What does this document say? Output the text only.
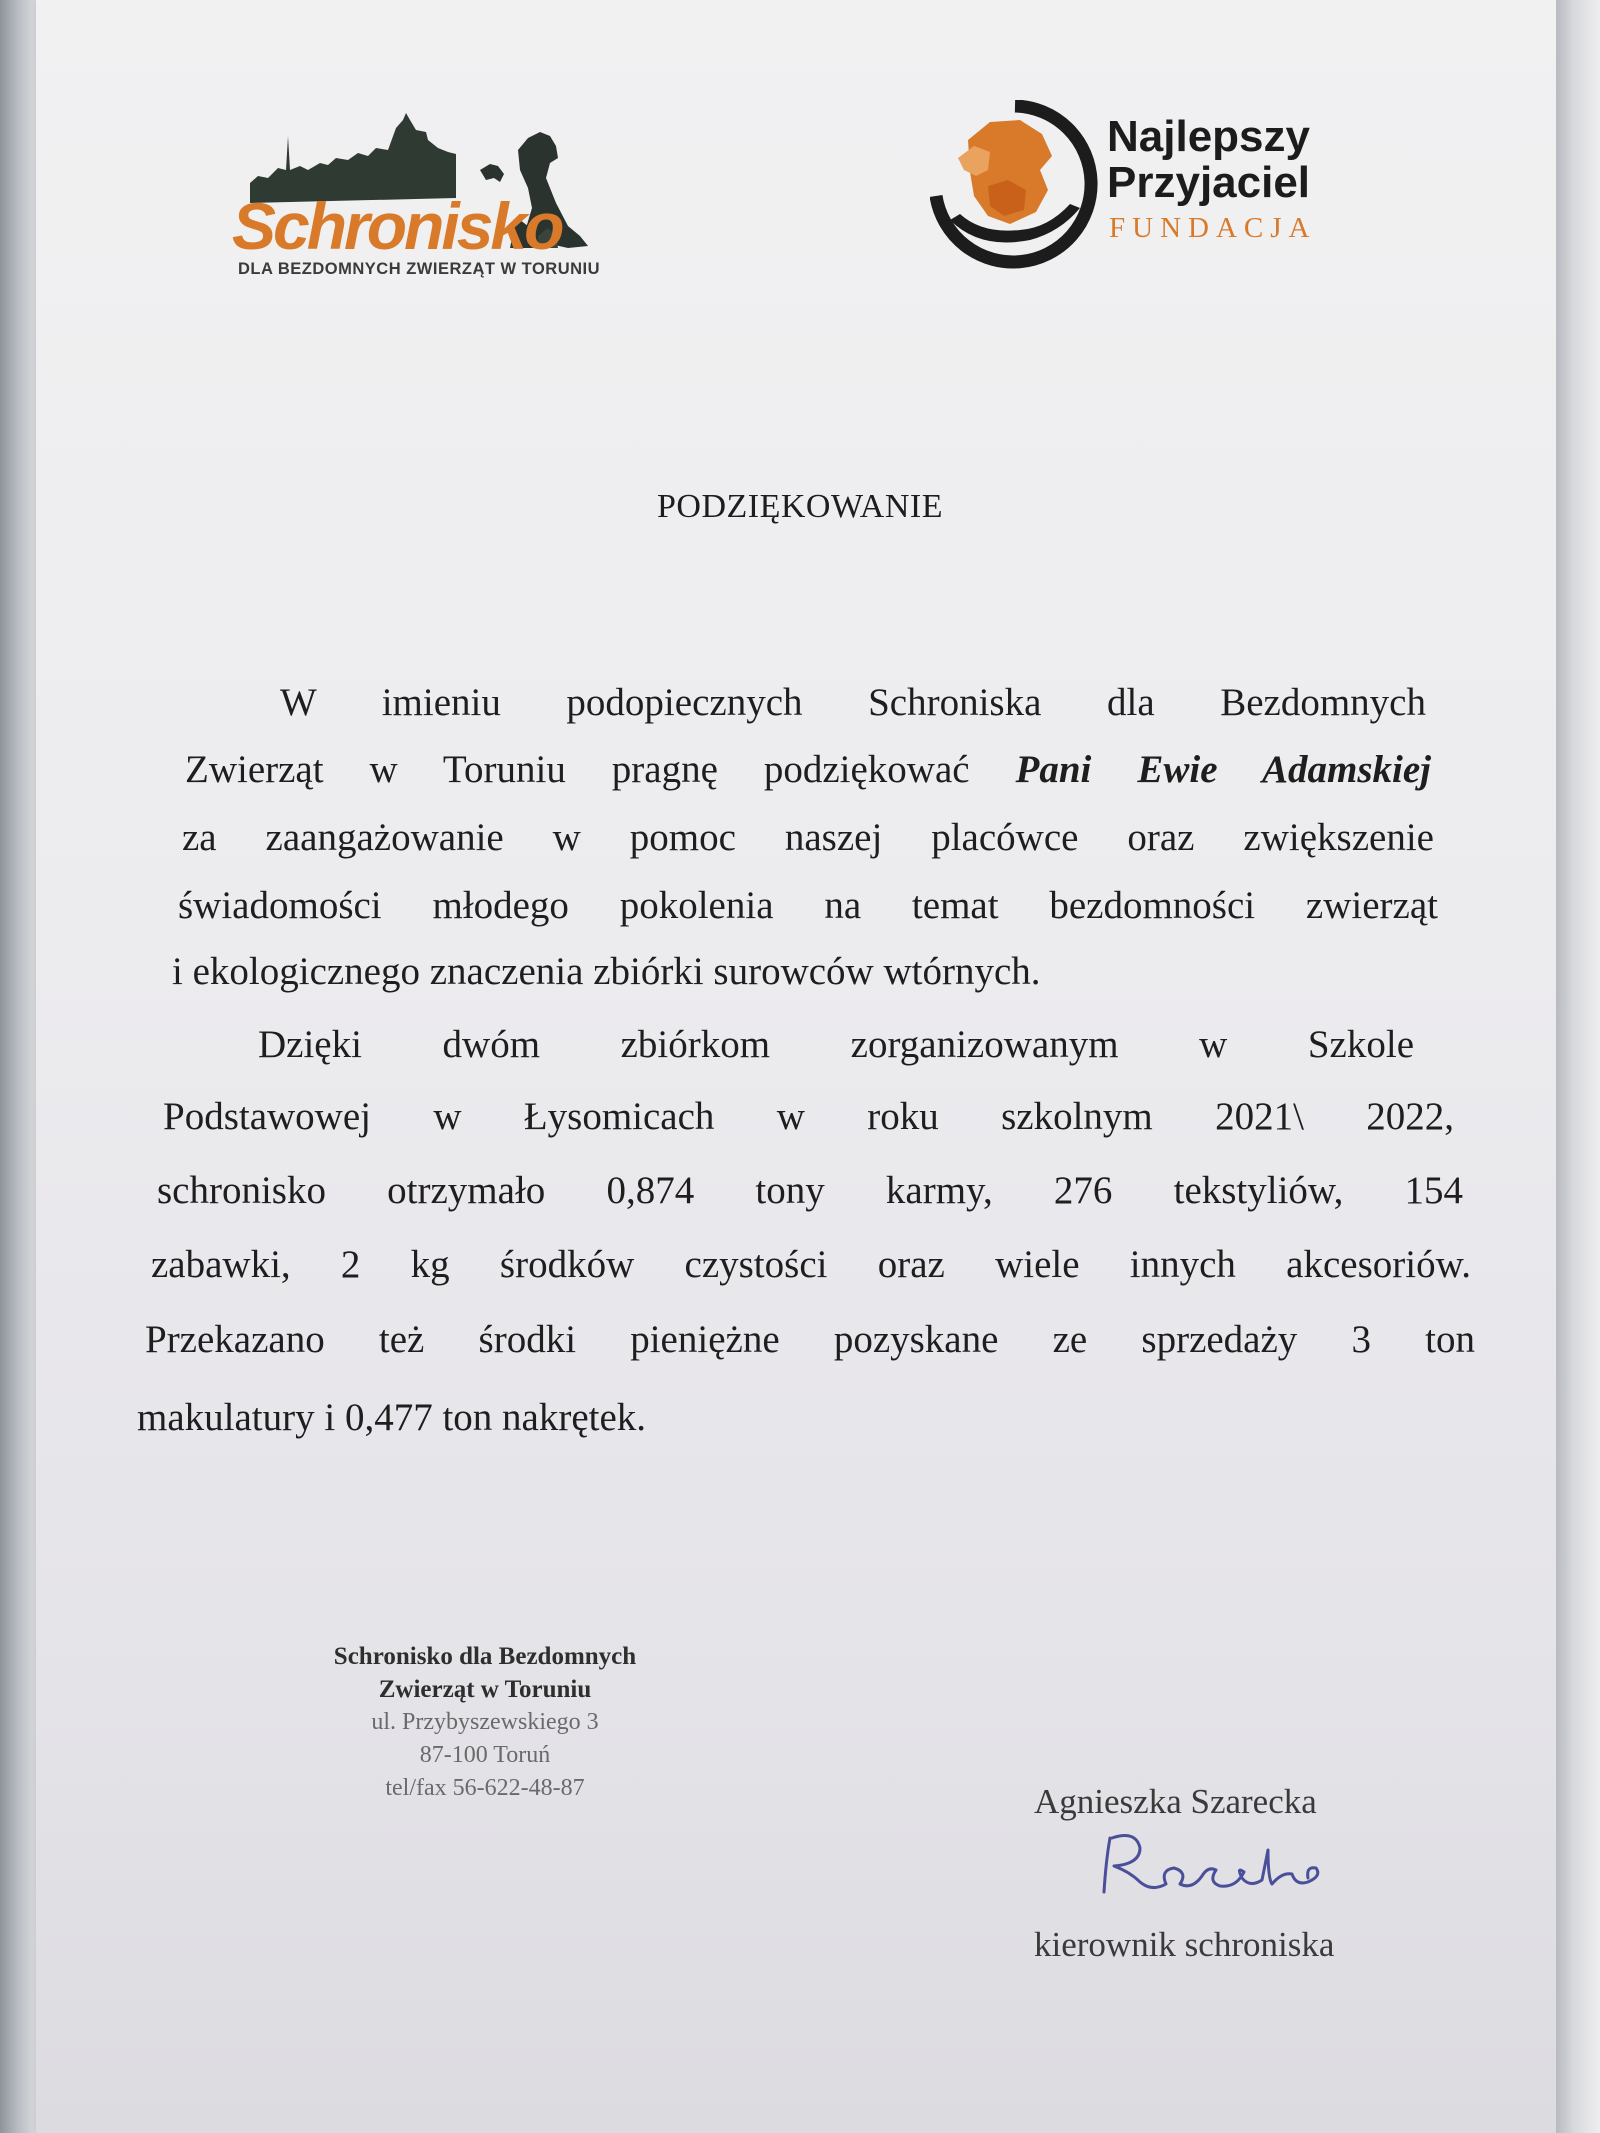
Schronisko
DLA BEZDOMNYCH ZWIERZĄT W TORUNIU
Najlepszy
Przyjaciel
FUNDACJA
PODZIĘKOWANIE
W imieniu podopiecznych Schroniska dla Bezdomnych
Zwierząt w Toruniu pragnę podziękować Pani Ewie Adamskiej
za zaangażowanie w pomoc naszej placówce oraz zwiększenie
świadomości młodego pokolenia na temat bezdomności zwierząt
i ekologicznego znaczenia zbiórki surowców wtórnych.
Dzięki dwóm zbiórkom zorganizowanym w Szkole
Podstawowej w Łysomicach w roku szkolnym 2021\ 2022,
schronisko otrzymało 0,874 tony karmy, 276 tekstyliów, 154
zabawki, 2 kg środków czystości oraz wiele innych akcesoriów.
Przekazano też środki pieniężne pozyskane ze sprzedaży 3 ton
makulatury i 0,477 ton nakrętek.
Schronisko dla Bezdomnych
Zwierząt w Toruniu
ul. Przybyszewskiego 3
87-100 Toruń
tel/fax 56-622-48-87	Agnieszka Szarecka
kierownik schroniska
